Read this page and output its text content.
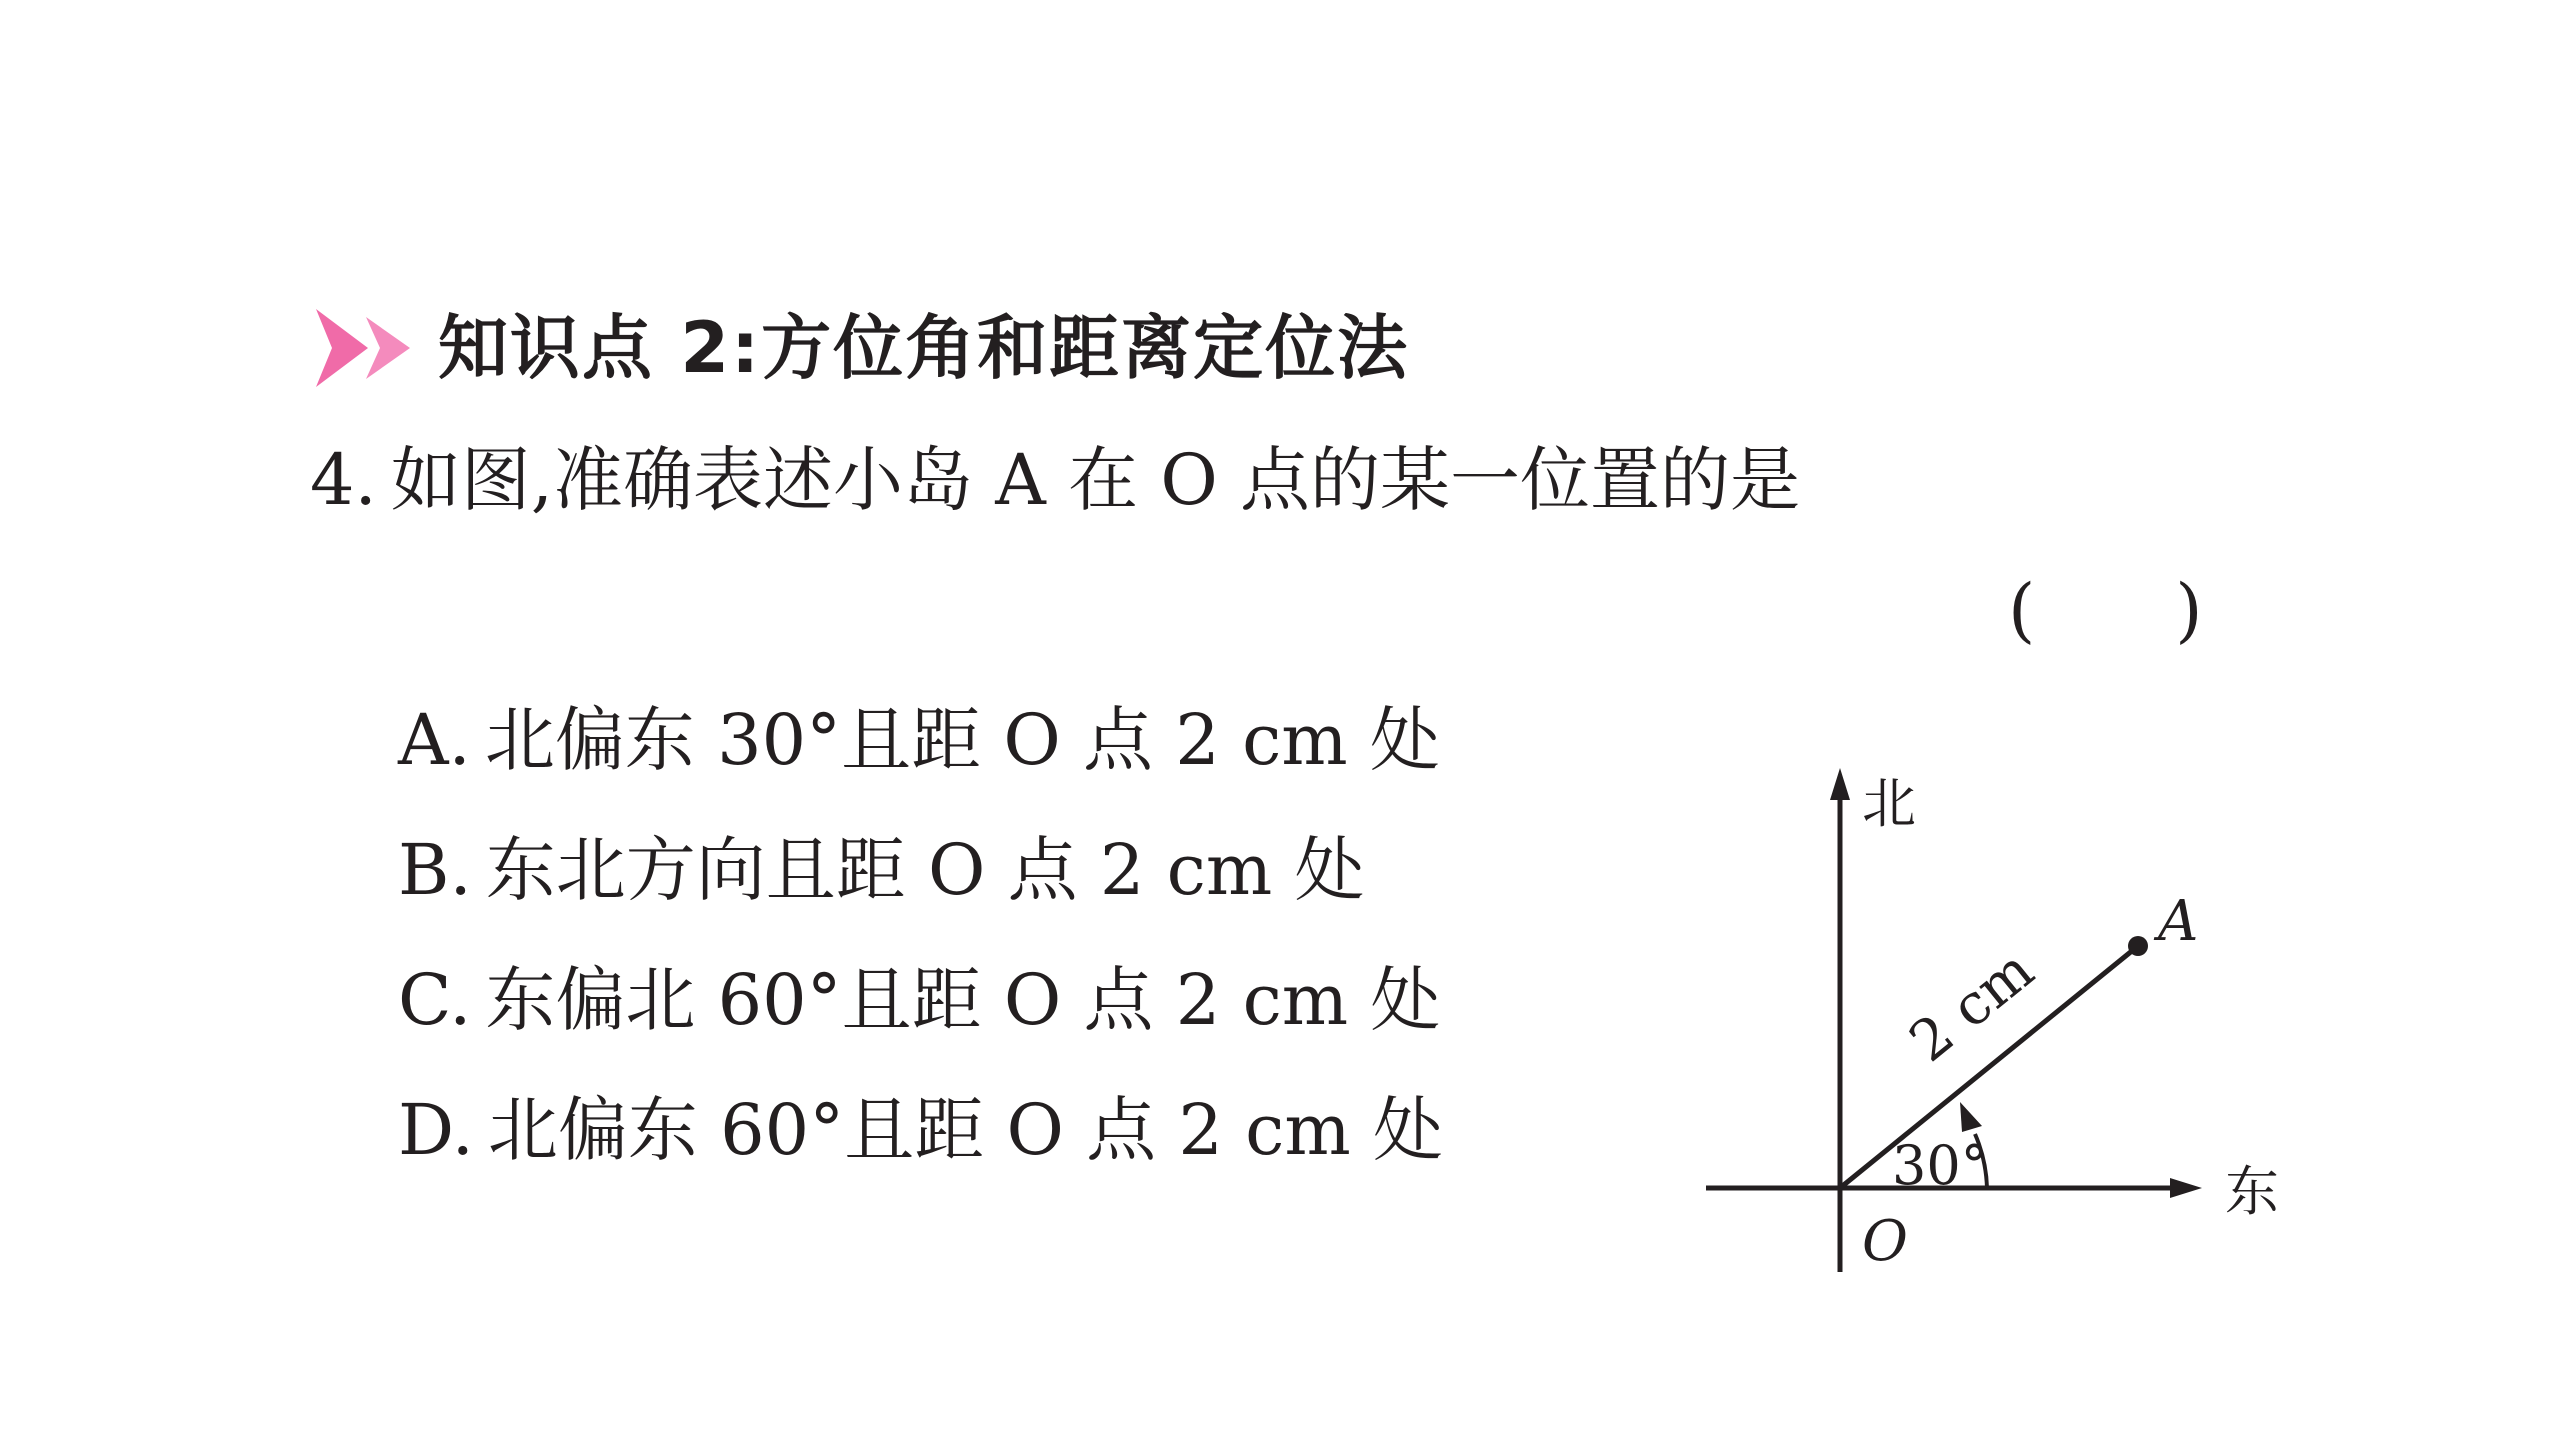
知识点 2:方位角和距离定位法
4. 如图,准确表述小岛 A 在 O 点的某一位置的是
(　　)
A. 北偏东 30°且距 O 点 2 cm 处
B. 东北方向且距 O 点 2 cm 处
C. 东偏北 60°且距 O 点 2 cm 处
D. 北偏东 60°且距 O 点 2 cm 处
北
东
O
A
2 cm
30°
